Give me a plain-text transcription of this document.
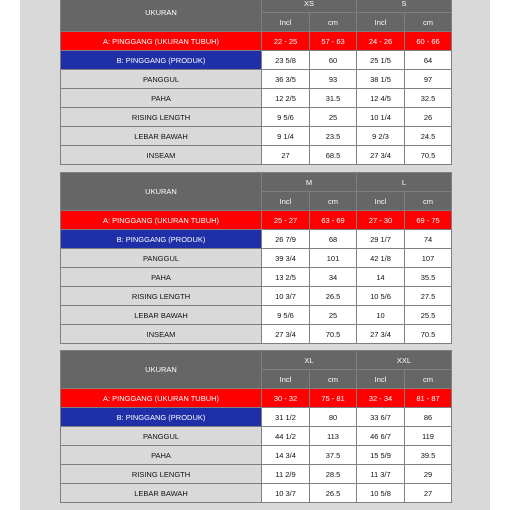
UKURAN	XS		S	
	Incl	cm	Incl	cm
A: PINGGANG (UKURAN TUBUH)	22 - 25	57 - 63	24 - 26	60 - 66
B: PINGGANG (PRODUK)	23 5/8	60	25 1/5	64
PANGGUL	36 3/5	93	38 1/5	97
PAHA	12 2/5	31.5	12 4/5	32.5
RISING LENGTH	9 5/6	25	10 1/4	26
LEBAR BAWAH	9 1/4	23.5	9 2/3	24.5
INSEAM	27	68.5	27 3/4	70.5
UKURAN	M		L	
	Incl	cm	Incl	cm
A: PINGGANG (UKURAN TUBUH)	25 - 27	63 - 69	27 - 30	69 - 75
B: PINGGANG (PRODUK)	26 7/9	68	29 1/7	74
PANGGUL	39 3/4	101	42 1/8	107
PAHA	13 2/5	34	14	35.5
RISING LENGTH	10 3/7	26.5	10 5/6	27.5
LEBAR BAWAH	9 5/6	25	10	25.5
INSEAM	27 3/4	70.5	27 3/4	70.5
UKURAN	XL		XXL	
	Incl	cm	Incl	cm
A: PINGGANG (UKURAN TUBUH)	30 - 32	75 - 81	32 - 34	81 - 87
B: PINGGANG (PRODUK)	31 1/2	80	33 6/7	86
PANGGUL	44 1/2	113	46 6/7	119
PAHA	14 3/4	37.5	15 5/9	39.5
RISING LENGTH	11 2/9	28.5	11 3/7	29
LEBAR BAWAH	10 3/7	26.5	10 5/8	27
